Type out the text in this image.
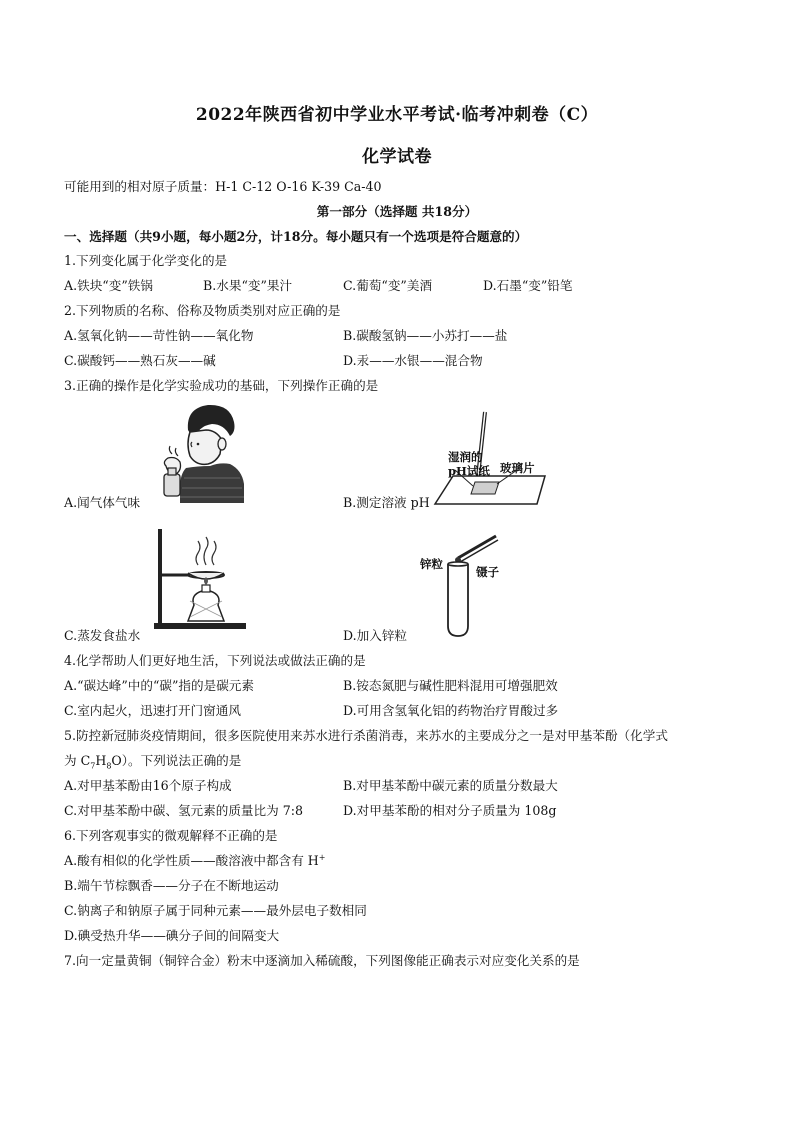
2022年陕西省初中学业水平考试·临考冲刺卷（C）
化学试卷
可能用到的相对原子质量：H-1 C-12 O-16 K-39 Ca-40
第一部分（选择题 共18分）
一、选择题（共9小题，每小题2分，计18分。每小题只有一个选项是符合题意的）
1.下列变化属于化学变化的是
A.铁块“变”铁锅	B.水果“变”果汁	C.葡萄“变”美酒	D.石墨“变”铅笔
2.下列物质的名称、俗称及物质类别对应正确的是
A.氢氧化钠——苛性钠——氧化物	B.碳酸氢钠——小苏打——盐
C.碳酸钙——熟石灰——碱	D.汞——水银——混合物
3.正确的操作是化学实验成功的基础，下列操作正确的是
A.闻气体气味
湿润的
pH试纸 玻璃片
B.测定溶液 pH
C.蒸发食盐水
锌粒
镊子
D.加入锌粒
4.化学帮助人们更好地生活，下列说法或做法正确的是
A.“碳达峰”中的“碳”指的是碳元素	B.铵态氮肥与碱性肥料混用可增强肥效
C.室内起火，迅速打开门窗通风	D.可用含氢氧化铝的药物治疗胃酸过多
5.防控新冠肺炎疫情期间，很多医院使用来苏水进行杀菌消毒，来苏水的主要成分之一是对甲基苯酚（化学式
为 $C_7H_8O$）。下列说法正确的是
A.对甲基苯酚由16个原子构成	B.对甲基苯酚中碳元素的质量分数最大
C.对甲基苯酚中碳、氢元素的质量比为 7:8	D.对甲基苯酚的相对分子质量为 108g
6.下列客观事实的微观解释不正确的是
A.酸有相似的化学性质——酸溶液中都含有 H+
B.端午节棕飘香——分子在不断地运动
C.钠离子和钠原子属于同种元素——最外层电子数相同
D.碘受热升华——碘分子间的间隔变大
7.向一定量黄铜（铜锌合金）粉末中逐滴加入稀硫酸，下列图像能正确表示对应变化关系的是
